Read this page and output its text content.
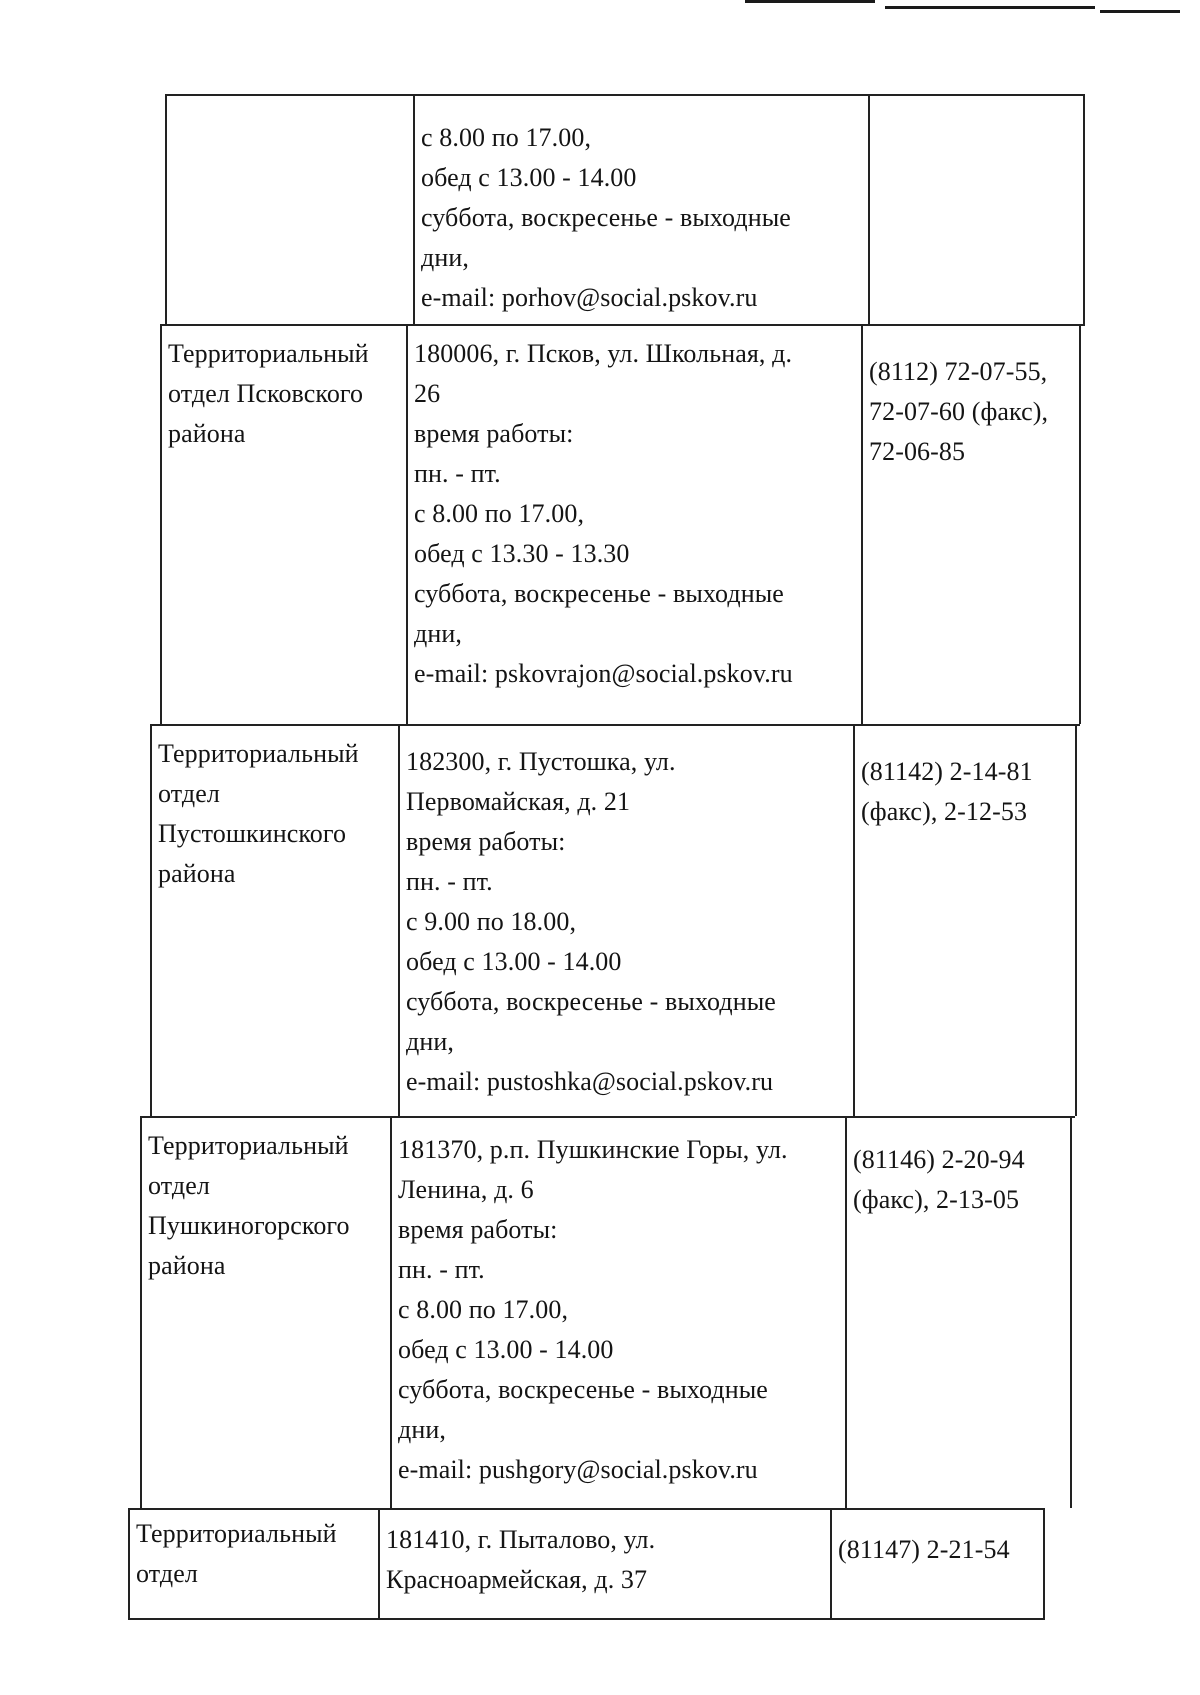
с 8.00 по 17.00,
обед с 13.00 - 14.00
суббота, воскресенье - выходные
дни,
e-mail: porhov@social.pskov.ru
Территориальный
отдел Псковского
района
180006, г. Псков, ул. Школьная, д.
26
время работы:
пн. - пт.
с 8.00 по 17.00,
обед с 13.30 - 13.30
суббота, воскресенье - выходные
дни,
e-mail: pskovrajon@social.pskov.ru
(8112) 72-07-55,
72-07-60 (факс),
72-06-85
Территориальный
отдел
Пустошкинского
района
182300, г. Пустошка, ул.
Первомайская, д. 21
время работы:
пн. - пт.
с 9.00 по 18.00,
обед с 13.00 - 14.00
суббота, воскресенье - выходные
дни,
e-mail: pustoshka@social.pskov.ru
(81142) 2-14-81
(факс), 2-12-53
Территориальный
отдел
Пушкиногорского
района
181370, р.п. Пушкинские Горы, ул.
Ленина, д. 6
время работы:
пн. - пт.
с 8.00 по 17.00,
обед с 13.00 - 14.00
суббота, воскресенье - выходные
дни,
e-mail: pushgory@social.pskov.ru
(81146) 2-20-94
(факс), 2-13-05
Территориальный
отдел
181410, г. Пыталово, ул.
Красноармейская, д. 37
(81147) 2-21-54
